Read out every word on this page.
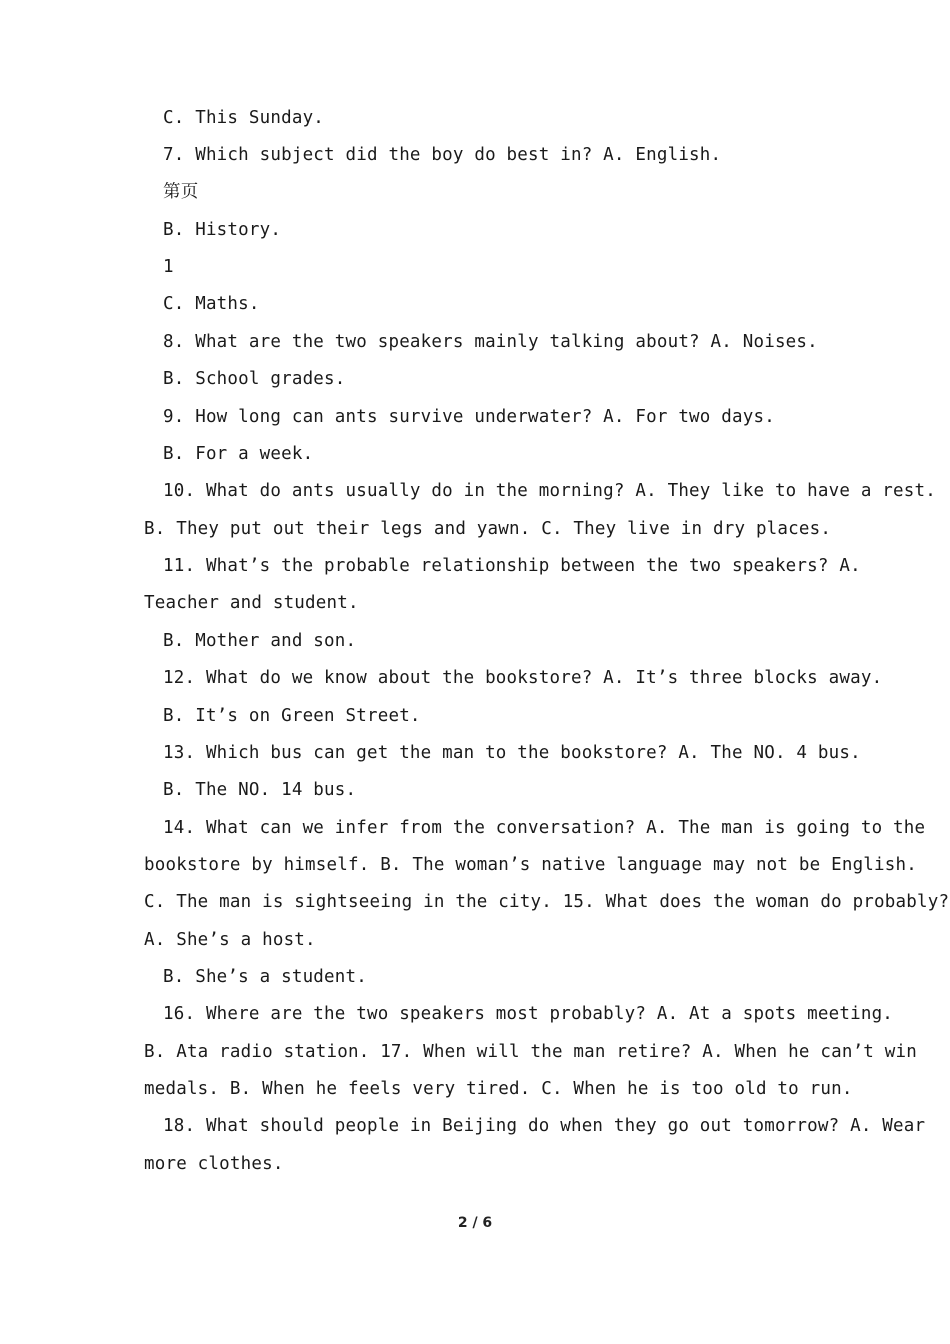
C. This Sunday.
7. Which subject did the boy do best in? A. English.
第页
B. History.
1
C. Maths.
8. What are the two speakers mainly talking about? A. Noises.
B. School grades.
9. How long can ants survive underwater? A. For two days.
B. For a week.
10. What do ants usually do in the morning? A. They like to have a rest.
B. They put out their legs and yawn. C. They live in dry places.
11. What’s the probable relationship between the two speakers? A.
Teacher and student.
B. Mother and son.
12. What do we know about the bookstore? A. It’s three blocks away.
B. It’s on Green Street.
13. Which bus can get the man to the bookstore? A. The NO. 4 bus.
B. The NO. 14 bus.
14. What can we infer from the conversation? A. The man is going to the
bookstore by himself. B. The woman’s native language may not be English.
C. The man is sightseeing in the city. 15. What does the woman do probably?
A. She’s a host.
B. She’s a student.
16. Where are the two speakers most probably? A. At a spots meeting.
B. Ata radio station. 17. When will the man retire? A. When he can’t win
medals. B. When he feels very tired. C. When he is too old to run.
18. What should people in Beijing do when they go out tomorrow? A. Wear
more clothes.
2 / 6
